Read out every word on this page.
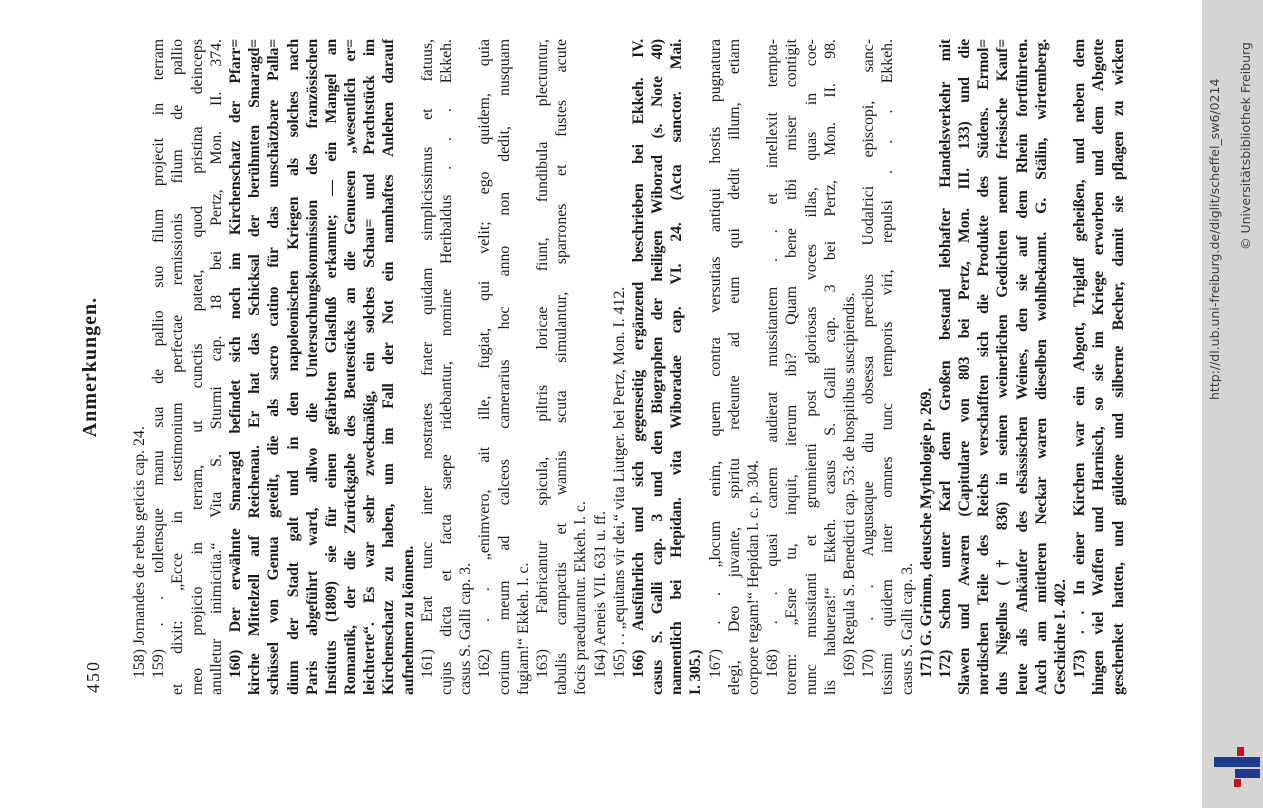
450
Anmerkungen.
158) Jornandes de rebus geticis cap. 24. 159) . . tollensque manu sua de pallio suo filum projecit in terram et dixit: „Ecce in testimonium perfectae remissionis filum de pallio meo projicio in terram, ut cunctis pateat, quod pristina deinceps anulletur inimicitia.“ Vita S. Sturmi cap. 18 bei Pertz, Mon. II. 374. 160) Der erwähnte Smaragd befindet sich noch im Kirchenschatz der Pfarr= kirche Mittelzell auf Reichenau. Er hat das Schicksal der berühmten Smaragd= schüssel von Genua geteilt, die als sacro catino für das unschätzbare Palla= dium der Stadt galt und in den napoleonischen Kriegen als solches nach Paris abgeführt ward, allwo die Untersuchungskommission des französischen Instituts (1809) sie für einen gefärbten Glasfluß erkannte; — ein Mangel an Romantik, der die Zurückgabe des Beutestücks an die Genuesen „wesentlich er= leichterte“. Es war sehr zweckmäßig, ein solches Schau= und Prachtstück im Kirchenschatz zu haben, um im Fall der Not ein namhaftes Anlehen darauf aufnehmen zu können. 161) Erat tunc inter nostrates frater quidam simplicissimus et fatuus, cujus dicta et facta saepe ridebantur, nomine Heribaldus . . . Ekkeh. casus S. Galli cap. 3. 162) . . „enimvero, ait ille, fugiat, qui velit; ego quidem, quia corium meum ad calceos camerarius hoc anno non dedit, nusquam fugiam!“ Ekkeh. l. c. 163) Fabricantur spicula, piltris loricae fiunt, fundibula plectuntur, tabulis campactis et wannis scuta simulantur, sparrones et fustes acute focis praedurantur. Ekkeh. l. c. 164) Aeneis VII. 631 u. ff. 165) . . „equitans vir dei.“ vita Liutger. bei Pertz, Mon. I. 412. 166) Ausführlich und sich gegenseitig ergänzend beschrieben bei Ekkeh. IV. casus S. Galli cap. 3 und den Biographen der heiligen Wiborad (s. Note 40) namentlich bei Hepidan. vita Wiboradae cap. VI. 24. (Acta sanctor. Mai. I. 305.) 167) . . „locum enim, quem contra versutias antiqui hostis pugnatura elegi, Deo juvante, spiritu redeunte ad eum qui dedit illum, etiam corpore tegam!“ Hepidan l. c. p. 304. 168) . . quasi canem audierat mussitantem . . et intellexit tempta- torem: „Esne tu, inquit, iterum ibi? Quam bene tibi miser contigit nunc mussitanti et grunnienti post gloriosas voces illas, quas in coe- lis habueras!“ Ekkeh. casus S. Galli cap. 3 bei Pertz, Mon. II. 98. 169) Regula S. Benedicti cap. 53: de hospitibus suscipiendis. 170) . . Augustaque diu obsessa precibus Uodalrici episcopi, sanc- tissimi quidem inter omnes tunc temporis viri, repulsi . . . Ekkeh. casus S. Galli cap. 3. 171) G. Grimm, deutsche Mythologie p. 269. 172) Schon unter Karl dem Großen bestand lebhafter Handelsverkehr mit Slawen und Awaren (Capitulare von 803 bei Pertz, Mon. III. 133) und die nordischen Teile des Reichs verschafften sich die Produkte des Südens. Ermol= dus Nigellus († 836) in seinen weinerlichen Gedichten nennt friesische Kauf= leute als Ankäufer des elsässischen Weines, den sie auf dem Rhein fortführten. Auch am mittleren Neckar waren dieselben wohlbekannt. G. Stälin, wirtemberg. Geschichte I. 402. 173) . . In einer Kirchen war ein Abgott, Triglaff geheißen, und neben dem hingen viel Waffen und Harnisch, so sie im Kriege erworben und dem Abgotte geschenket hatten, und güldene und silberne Becher, damit sie pflagen zu wicken	http://dl.ub.uni-freiburg.de/diglit/scheffel_sw6/0214 © Universitätsbibliothek Freiburg
